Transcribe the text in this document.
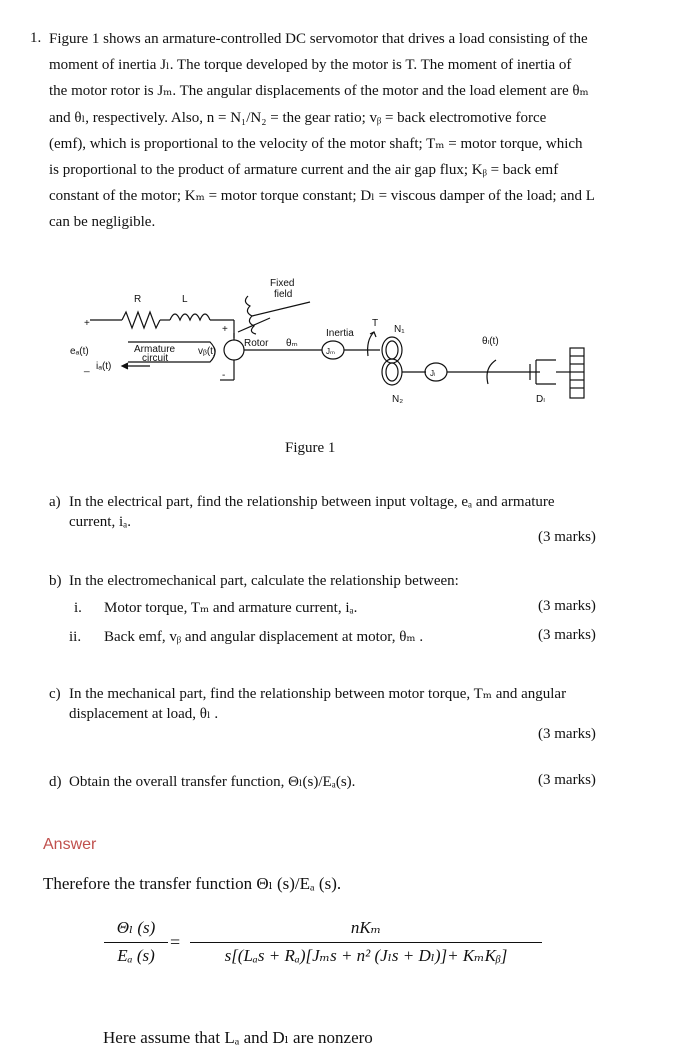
1. Figure 1 shows an armature-controlled DC servomotor that drives a load consisting of the
moment of inertia Jₗ. The torque developed by the motor is T. The moment of inertia of
the motor rotor is Jₘ. The angular displacements of the motor and the load element are θₘ
and θₗ, respectively. Also, n = N₁/N₂ = the gear ratio; vᵦ = back electromotive force
(emf), which is proportional to the velocity of the motor shaft; Tₘ = motor torque, which
is proportional to the product of armature current and the air gap flux; Kᵦ = back emf
constant of the motor; Kₘ = motor torque constant; Dₗ = viscous damper of the load; and L
can be negligible.
R	L
Fixed
field
Rotor θₘ
Inertia
T
N₁
N₂
Jₘ
Jₗ
θₗ(t)
Dₗ
eₐ(t)
iₐ(t)
Armature
circuit
vᵦ(t)
+
_
+
-
Figure 1
a) In the electrical part, find the relationship between input voltage, eₐ and armature
current, iₐ.
(3 marks)
b) In the electromechanical part, calculate the relationship between:
i. Motor torque, Tₘ and armature current, iₐ.	(3 marks)
ii. Back emf, vᵦ and angular displacement at motor, θₘ .	(3 marks)
c) In the mechanical part, find the relationship between motor torque, Tₘ and angular
displacement at load, θₗ .
(3 marks)
d) Obtain the overall transfer function, Θₗ(s)/Eₐ(s).	(3 marks)
Answer
Therefore the transfer function Θₗ (s)/Eₐ (s).
Θₗ (s)
Eₐ (s)
=
nKₘ
s[(Lₐs + Rₐ)[Jₘs + n² (Jₗs + Dₗ)]+ KₘKᵦ]
Here assume that Lₐ and Dₗ are nonzero
